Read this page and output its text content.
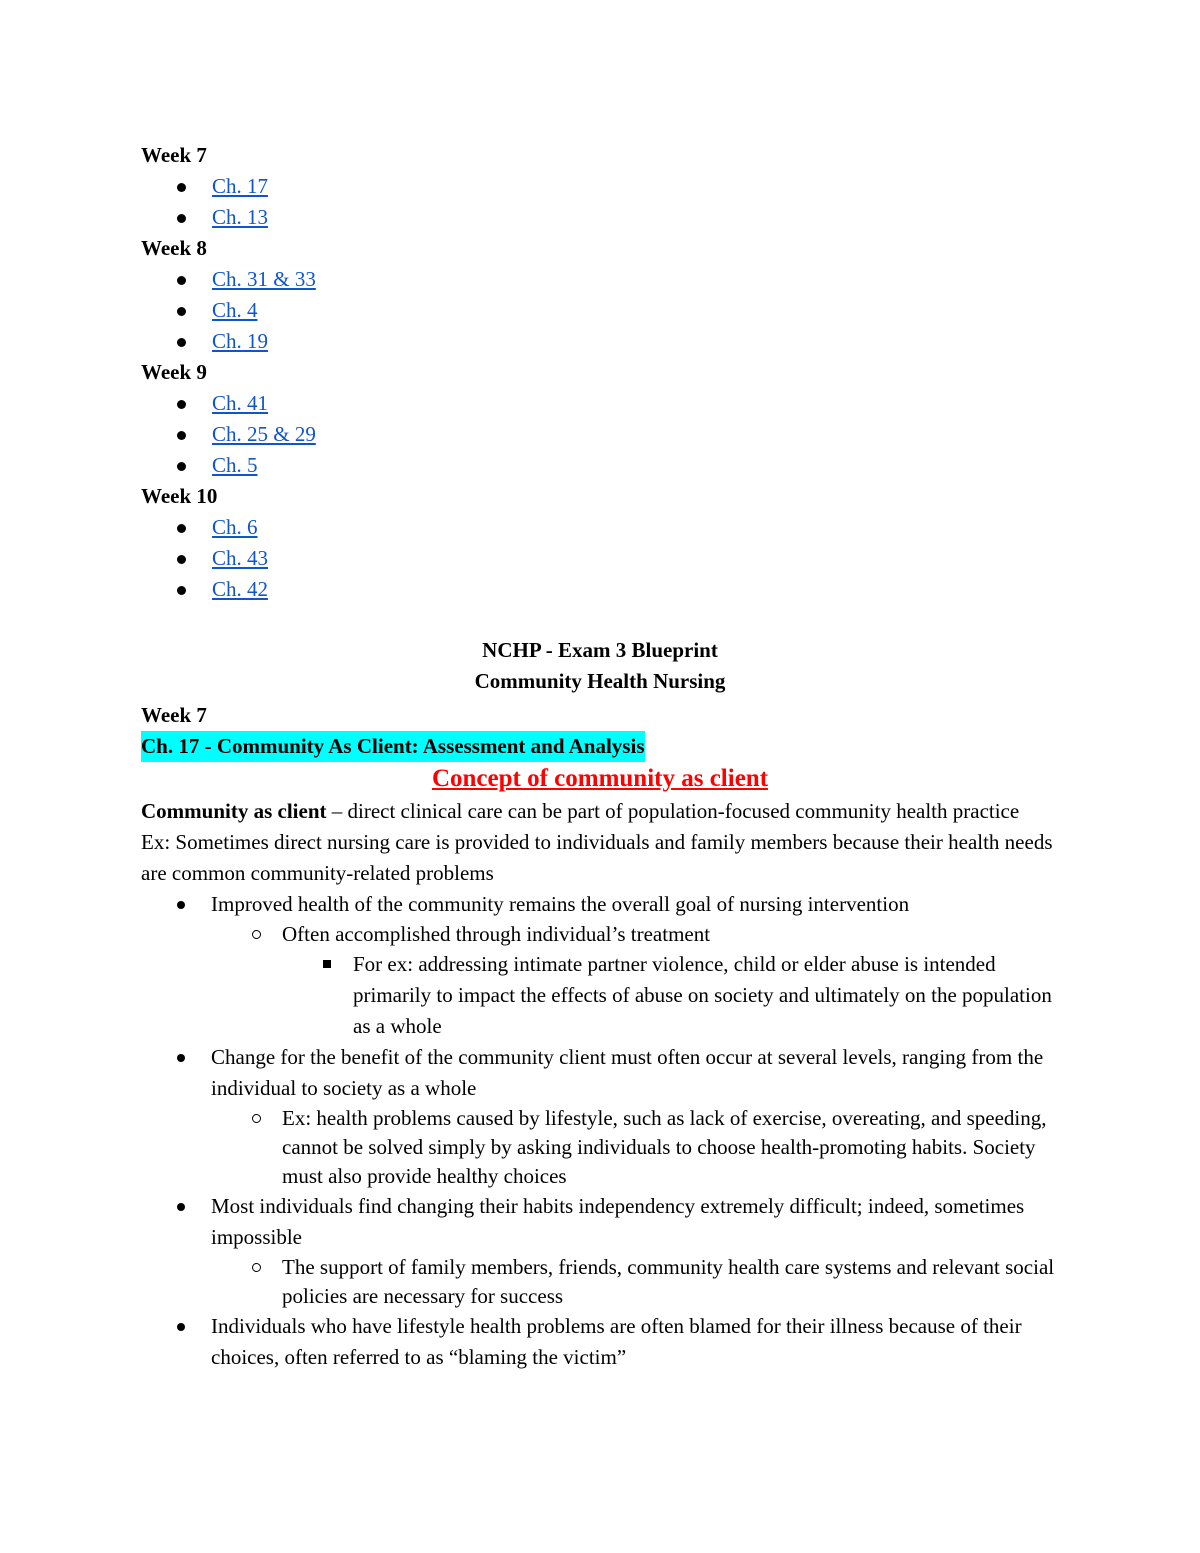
Week 7
Ch. 17
Ch. 13
Week 8
Ch. 31 & 33
Ch. 4
Ch. 19
Week 9
Ch. 41
Ch. 25 & 29
Ch. 5
Week 10
Ch. 6
Ch. 43
Ch. 42
NCHP - Exam 3 Blueprint
Community Health Nursing
Week 7
Ch. 17 - Community As Client: Assessment and Analysis
Concept of community as client
Community as client – direct clinical care can be part of population-focused community health practice
Ex: Sometimes direct nursing care is provided to individuals and family members because their health needs are common community-related problems
Improved health of the community remains the overall goal of nursing intervention
Often accomplished through individual’s treatment
For ex: addressing intimate partner violence, child or elder abuse is intended primarily to impact the effects of abuse on society and ultimately on the population as a whole
Change for the benefit of the community client must often occur at several levels, ranging from the individual to society as a whole
Ex: health problems caused by lifestyle, such as lack of exercise, overeating, and speeding, cannot be solved simply by asking individuals to choose health-promoting habits. Society must also provide healthy choices
Most individuals find changing their habits independency extremely difficult; indeed, sometimes impossible
The support of family members, friends, community health care systems and relevant social policies are necessary for success
Individuals who have lifestyle health problems are often blamed for their illness because of their choices, often referred to as “blaming the victim”
